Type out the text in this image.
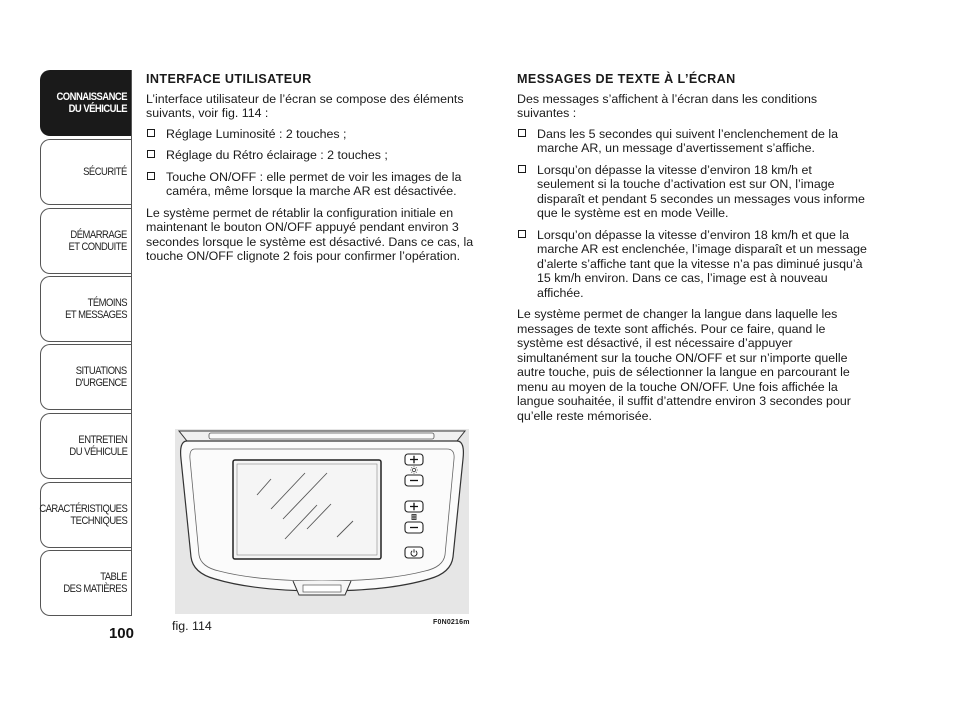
CONNAISSANCE
DU VÉHICULE
SÉCURITÉ
DÉMARRAGE
ET CONDUITE
TÉMOINS
ET MESSAGES
SITUATIONS
D'URGENCE
ENTRETIEN
DU VÉHICULE
CARACTÉRISTIQUES
TECHNIQUES
TABLE
DES MATIÈRES
100
INTERFACE UTILISATEUR

L’interface utilisateur de l’écran se compose des éléments suivants, voir fig. 114 :

Réglage Luminosité : 2 touches ;
Réglage du Rétro éclairage : 2 touches ;
Touche ON/OFF : elle permet de voir les images de la caméra, même lorsque la marche AR est désactivée.

Le système permet de rétablir la configuration initiale en maintenant le bouton ON/OFF appuyé pendant environ 3 secondes lorsque le système est désactivé. Dans ce cas, la touche ON/OFF clignote 2 fois pour confirmer l’opération.

MESSAGES DE TEXTE À L’ÉCRAN

Des messages s’affichent à l’écran dans les conditions suivantes :

Dans les 5 secondes qui suivent l’enclenchement de la marche AR, un message d’avertissement s’affiche.
Lorsqu’on dépasse la vitesse d’environ 18 km/h et seulement si la touche d’activation est sur ON, l’image disparaît et pendant 5 secondes un messages vous informe que le système est en mode Veille.
Lorsqu’on dépasse la vitesse d’environ 18 km/h et que la marche AR est enclenchée, l’image disparaît et un message d’alerte s’affiche tant que la vitesse n’a pas diminué jusqu’à 15 km/h environ. Dans ce cas, l’image est à nouveau affichée.

Le système permet de changer la langue dans laquelle les messages de texte sont affichés. Pour ce faire, quand le système est désactivé, il est nécessaire d’appuyer simultanément sur la touche ON/OFF et sur n’importe quelle autre touche, puis de sélectionner la langue en parcourant le menu au moyen de la touche ON/OFF. Une fois affichée la langue souhaitée, il suffit d’attendre environ 3 secondes pour qu’elle reste mémorisée.

fig. 114	F0N0216m
